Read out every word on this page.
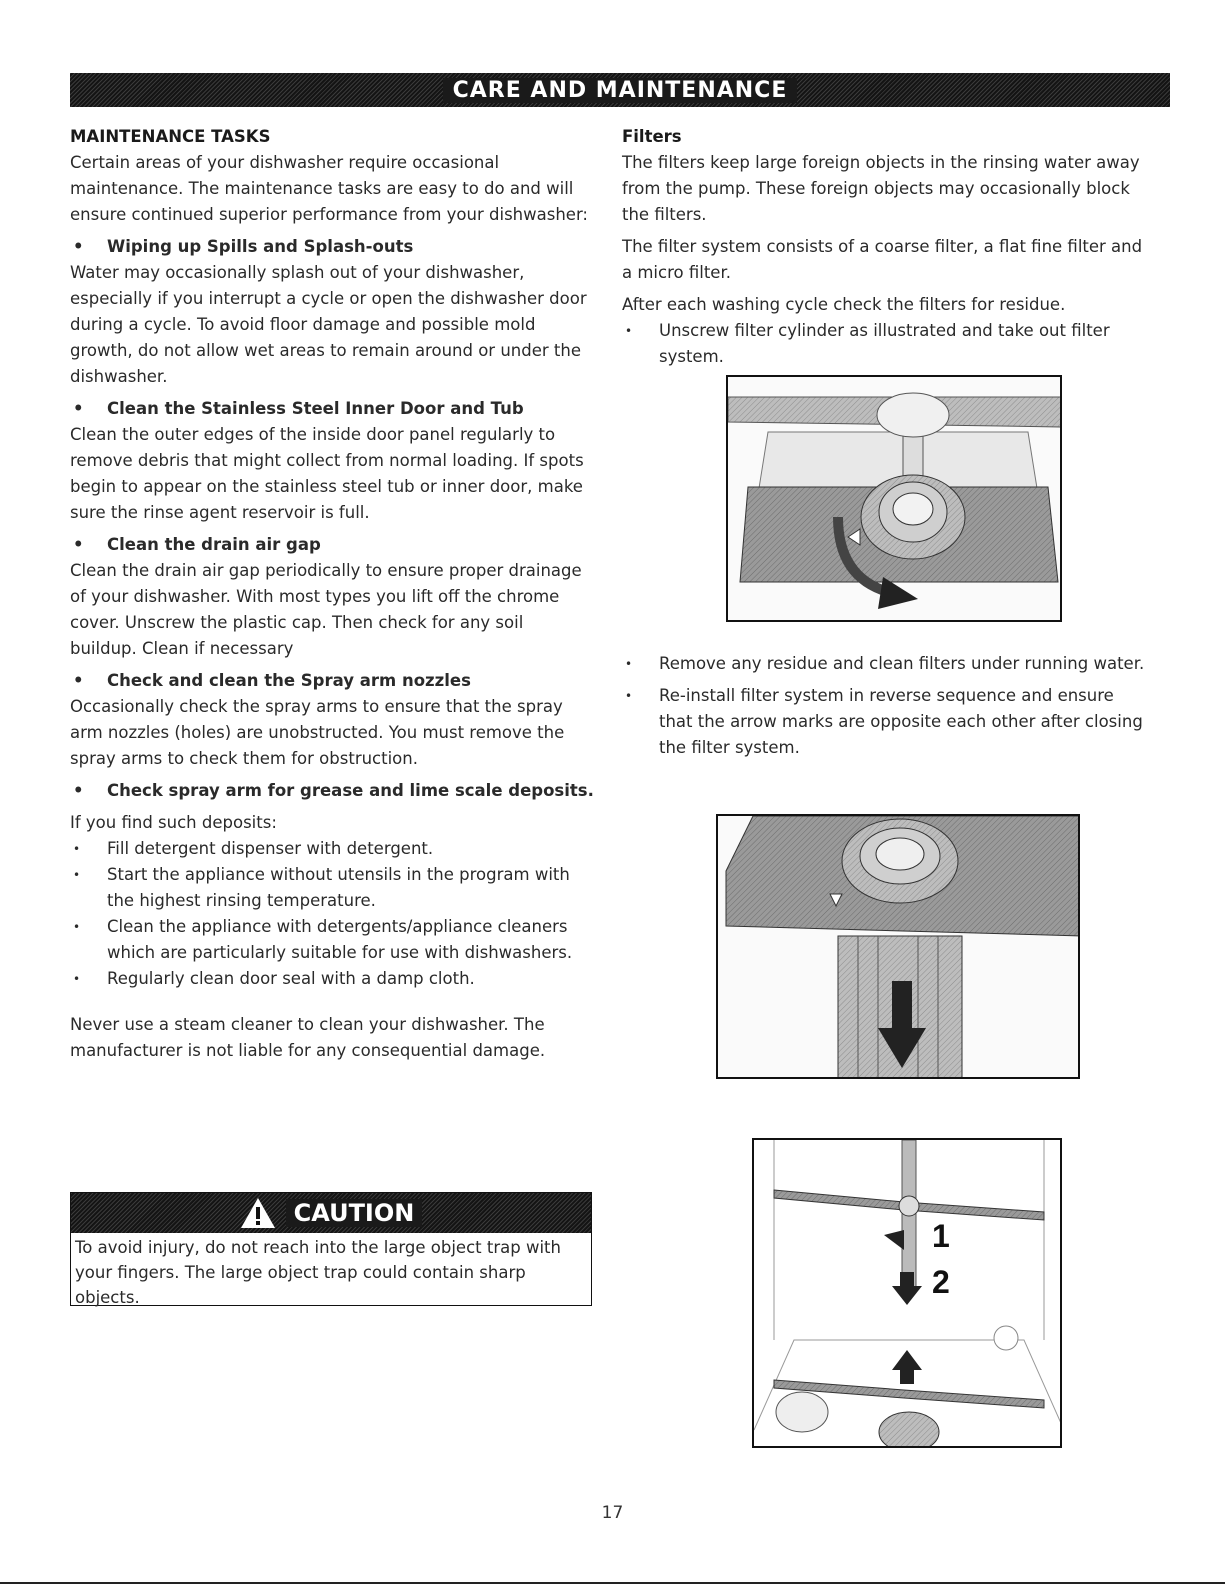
CARE AND MAINTENANCE
MAINTENANCE TASKS
Certain areas of your dishwasher require occasional maintenance. The maintenance tasks are easy to do and will ensure continued superior performance from your dishwasher:
•	Wiping up Spills and Splash-outs
Water may occasionally splash out of your dishwasher, especially if you interrupt a cycle or open the dishwasher door during a cycle. To avoid floor damage and possible mold growth, do not allow wet areas to remain around or under the dishwasher.
•	Clean the Stainless Steel Inner Door and Tub
Clean the outer edges of the inside door panel regularly to remove debris that might collect from normal loading. If spots begin to appear on the stainless steel tub or inner door, make sure the rinse agent reservoir is full.
•	Clean the drain air gap
Clean the drain air gap periodically to ensure proper drainage of your dishwasher. With most types you lift off the chrome cover. Unscrew the plastic cap. Then check for any soil buildup. Clean if necessary
•	Check and clean the Spray arm nozzles
Occasionally check the spray arms to ensure that the spray arm nozzles (holes) are unobstructed. You must remove the spray arms to check them for obstruction.
•	Check spray arm for grease and lime scale deposits.
If you find such deposits:
•	Fill detergent dispenser with detergent.
•	Start the appliance without utensils in the program with the highest rinsing temperature.
•	Clean the appliance with detergents/appliance cleaners which are particularly suitable for use with dishwashers.
•	Regularly clean door seal with a damp cloth.
Never use a steam cleaner to clean your dishwasher. The manufacturer is not liable for any consequential damage.
CAUTION
To avoid injury, do not reach into the large object trap with your fingers. The large object trap could contain sharp objects.
Filters
The filters keep large foreign objects in the rinsing water away from the pump. These foreign objects may occasionally block the filters.
The filter system consists of a coarse filter, a flat fine filter and a micro filter.
After each washing cycle check the filters for residue.
•	Unscrew filter cylinder as illustrated and take out filter system.
•	Remove any residue and clean filters under running water.
•	Re-install filter system in reverse sequence and ensure that the arrow marks are opposite each other after closing the filter system.
1
2
17
